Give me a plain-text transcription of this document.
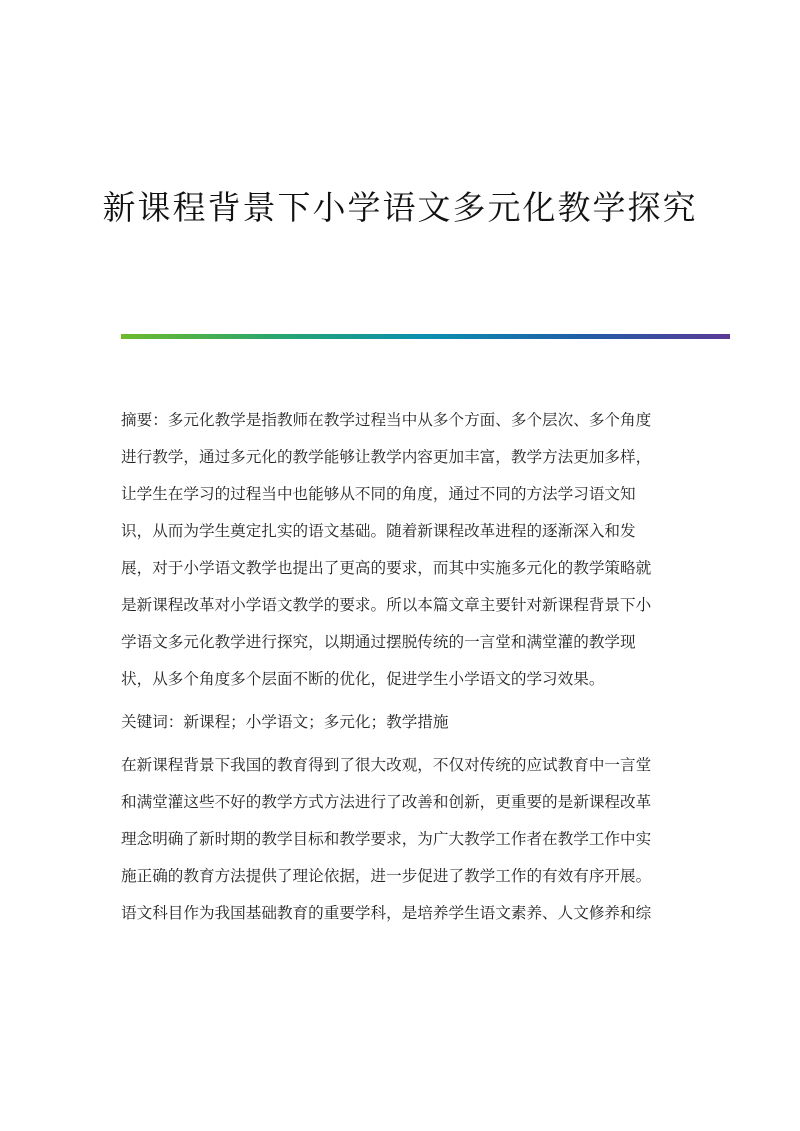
新课程背景下小学语文多元化教学探究
摘要：多元化教学是指教师在教学过程当中从多个方面、多个层次、多个角度
进行教学，通过多元化的教学能够让教学内容更加丰富，教学方法更加多样，
让学生在学习的过程当中也能够从不同的角度，通过不同的方法学习语文知
识，从而为学生奠定扎实的语文基础。随着新课程改革进程的逐渐深入和发
展，对于小学语文教学也提出了更高的要求，而其中实施多元化的教学策略就
是新课程改革对小学语文教学的要求。所以本篇文章主要针对新课程背景下小
学语文多元化教学进行探究，以期通过摆脱传统的一言堂和满堂灌的教学现
状，从多个角度多个层面不断的优化，促进学生小学语文的学习效果。
关键词：新课程；小学语文；多元化；教学措施
在新课程背景下我国的教育得到了很大改观，不仅对传统的应试教育中一言堂
和满堂灌这些不好的教学方式方法进行了改善和创新，更重要的是新课程改革
理念明确了新时期的教学目标和教学要求，为广大教学工作者在教学工作中实
施正确的教育方法提供了理论依据，进一步促进了教学工作的有效有序开展。
语文科目作为我国基础教育的重要学科，是培养学生语文素养、人文修养和综
